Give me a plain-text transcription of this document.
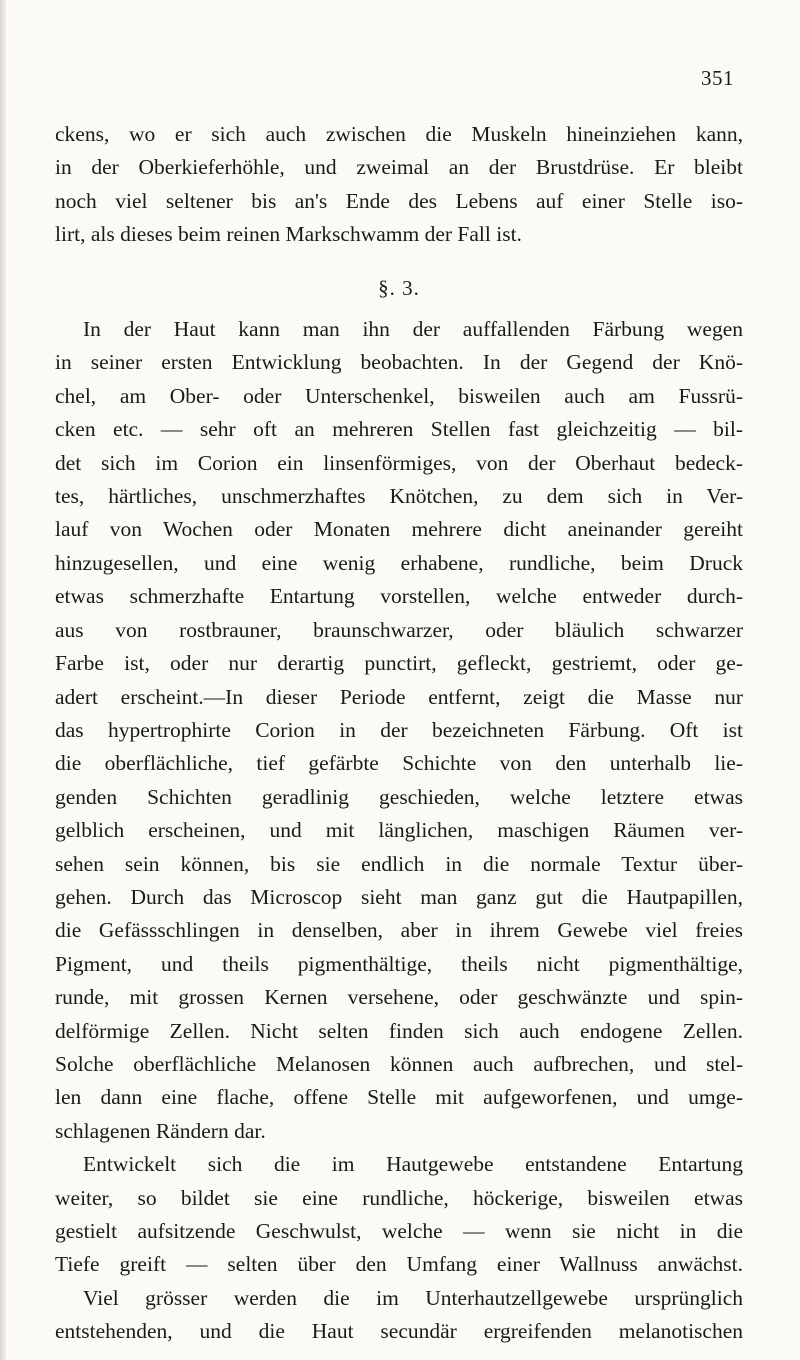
351

ckens, wo er sich auch zwischen die Muskeln hineinziehen kann,
in der Oberkieferhöhle, und zweimal an der Brustdrüse. Er bleibt
noch viel seltener bis an's Ende des Lebens auf einer Stelle iso-
lirt, als dieses beim reinen Markschwamm der Fall ist.

§. 3.

In der Haut kann man ihn der auffallenden Färbung wegen
in seiner ersten Entwicklung beobachten. In der Gegend der Knö-
chel, am Ober- oder Unterschenkel, bisweilen auch am Fussrü-
cken etc. — sehr oft an mehreren Stellen fast gleichzeitig — bil-
det sich im Corion ein linsenförmiges, von der Oberhaut bedeck-
tes, härtliches, unschmerzhaftes Knötchen, zu dem sich in Ver-
lauf von Wochen oder Monaten mehrere dicht aneinander gereiht
hinzugesellen, und eine wenig erhabene, rundliche, beim Druck
etwas schmerzhafte Entartung vorstellen, welche entweder durch-
aus von rostbrauner, braunschwarzer, oder bläulich schwarzer
Farbe ist, oder nur derartig punctirt, gefleckt, gestriemt, oder ge-
adert erscheint.—In dieser Periode entfernt, zeigt die Masse nur
das hypertrophirte Corion in der bezeichneten Färbung. Oft ist
die oberflächliche, tief gefärbte Schichte von den unterhalb lie-
genden Schichten geradlinig geschieden, welche letztere etwas
gelblich erscheinen, und mit länglichen, maschigen Räumen ver-
sehen sein können, bis sie endlich in die normale Textur über-
gehen. Durch das Microscop sieht man ganz gut die Hautpapillen,
die Gefässschlingen in denselben, aber in ihrem Gewebe viel freies
Pigment, und theils pigmenthältige, theils nicht pigmenthältige,
runde, mit grossen Kernen versehene, oder geschwänzte und spin-
delförmige Zellen. Nicht selten finden sich auch endogene Zellen.
Solche oberflächliche Melanosen können auch aufbrechen, und stel-
len dann eine flache, offene Stelle mit aufgeworfenen, und umge-
schlagenen Rändern dar.

Entwickelt sich die im Hautgewebe entstandene Entartung
weiter, so bildet sie eine rundliche, höckerige, bisweilen etwas
gestielt aufsitzende Geschwulst, welche — wenn sie nicht in die
Tiefe greift — selten über den Umfang einer Wallnuss anwächst.
Viel grösser werden die im Unterhautzellgewebe ursprünglich
entstehenden, und die Haut secundär ergreifenden melanotischen
